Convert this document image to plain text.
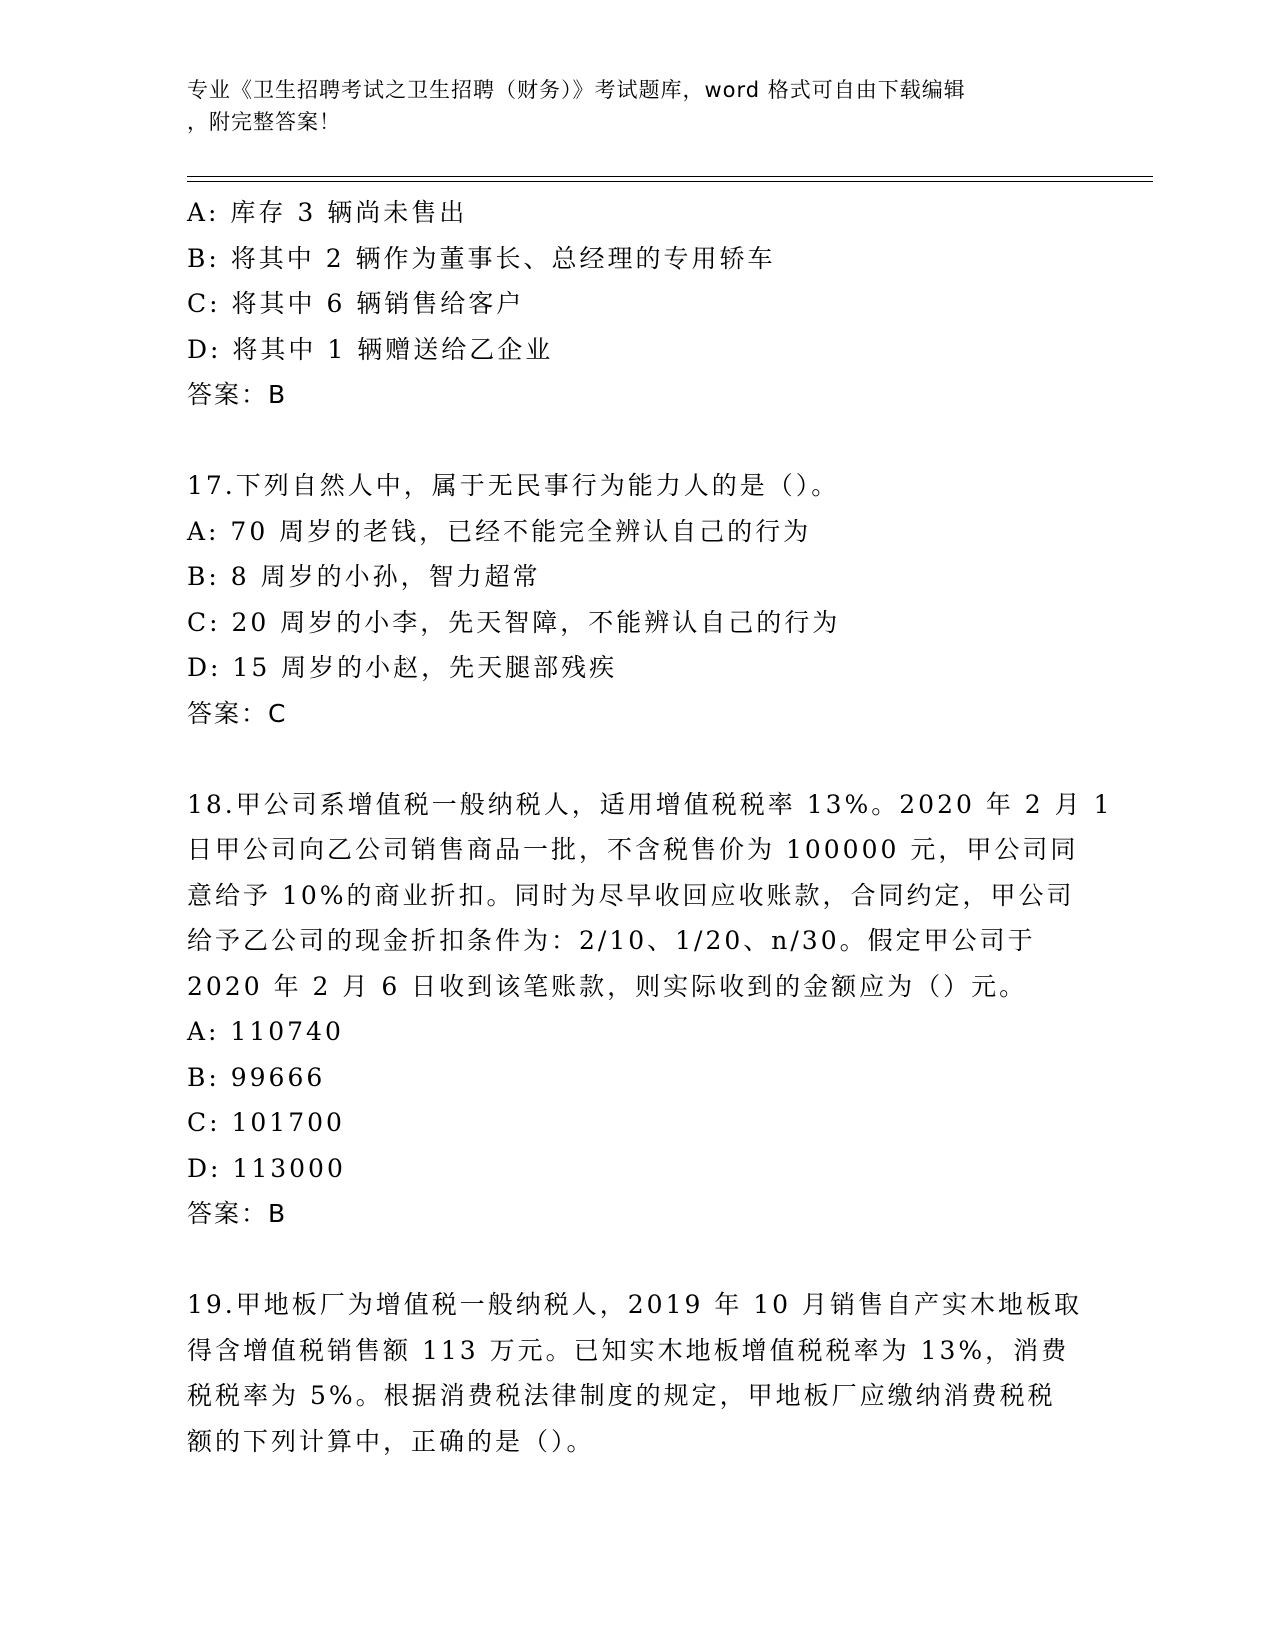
专业《卫生招聘考试之卫生招聘（财务）》考试题库，word 格式可自由下载编辑
，附完整答案！
A: 库存 3 辆尚未售出
B: 将其中 2 辆作为董事长、总经理的专用轿车
C: 将其中 6 辆销售给客户
D: 将其中 1 辆赠送给乙企业
答案：B
17.下列自然人中，属于无民事行为能力人的是（）。
A: 70 周岁的老钱，已经不能完全辨认自己的行为
B: 8 周岁的小孙，智力超常
C: 20 周岁的小李，先天智障，不能辨认自己的行为
D: 15 周岁的小赵，先天腿部残疾
答案：C
18.甲公司系增值税一般纳税人，适用增值税税率 13%。2020 年 2 月 1
日甲公司向乙公司销售商品一批，不含税售价为 100000 元，甲公司同
意给予 10%的商业折扣。同时为尽早收回应收账款，合同约定，甲公司
给予乙公司的现金折扣条件为：2/10、1/20、n/30。假定甲公司于
2020 年 2 月 6 日收到该笔账款，则实际收到的金额应为（）元。
A: 110740
B: 99666
C: 101700
D: 113000
答案：B
19.甲地板厂为增值税一般纳税人，2019 年 10 月销售自产实木地板取
得含增值税销售额 113 万元。已知实木地板增值税税率为 13%，消费
税税率为 5%。根据消费税法律制度的规定，甲地板厂应缴纳消费税税
额的下列计算中，正确的是（）。
